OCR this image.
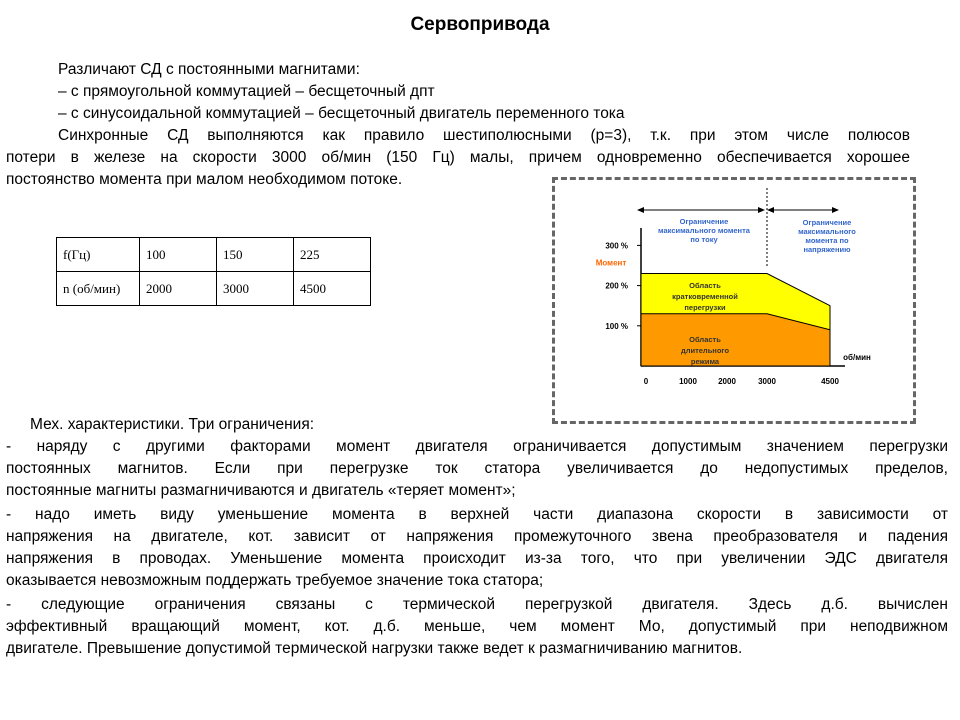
Сервопривода
Различают СД с постоянными магнитами:
– с прямоугольной коммутацией – бесщеточный дпт
– с синусоидальной коммутацией – бесщеточный двигатель переменного тока
Синхронные СД выполняются как правило шестиполюсными (р=3), т.к. при этом числе полюсов
потери в железе на скорости 3000 об/мин (150 Гц) малы, причем одновременно обеспечивается хорошее
постоянство момента при малом необходимом потоке.
f(Гц)	100	150	225
n (об/мин)	2000	3000	4500
100 %
200 %
300 %
Момент
0	1000	2000	3000	4500
об/мин
Ограничение
максимального момента
по току
Ограничение
максимального
момента по
напряжению
Область
кратковременной
перегрузки
Область
длительного
режима
Мех. характеристики. Три ограничения:
- наряду с другими факторами момент двигателя ограничивается допустимым значением перегрузки
постоянных магнитов. Если при перегрузке ток статора увеличивается до недопустимых пределов,
постоянные магниты размагничиваются и двигатель «теряет момент»;
- надо иметь виду уменьшение момента в верхней части диапазона скорости в зависимости от
напряжения на двигателе, кот. зависит от напряжения промежуточного звена преобразователя и падения
напряжения в проводах. Уменьшение момента происходит из-за того, что при увеличении ЭДС двигателя
оказывается невозможным поддержать требуемое значение тока статора;
- следующие ограничения связаны с термической перегрузкой двигателя. Здесь д.б. вычислен
эффективный вращающий момент, кот. д.б. меньше, чем момент Мо, допустимый при неподвижном
двигателе. Превышение допустимой термической нагрузки также ведет к размагничиванию магнитов.
